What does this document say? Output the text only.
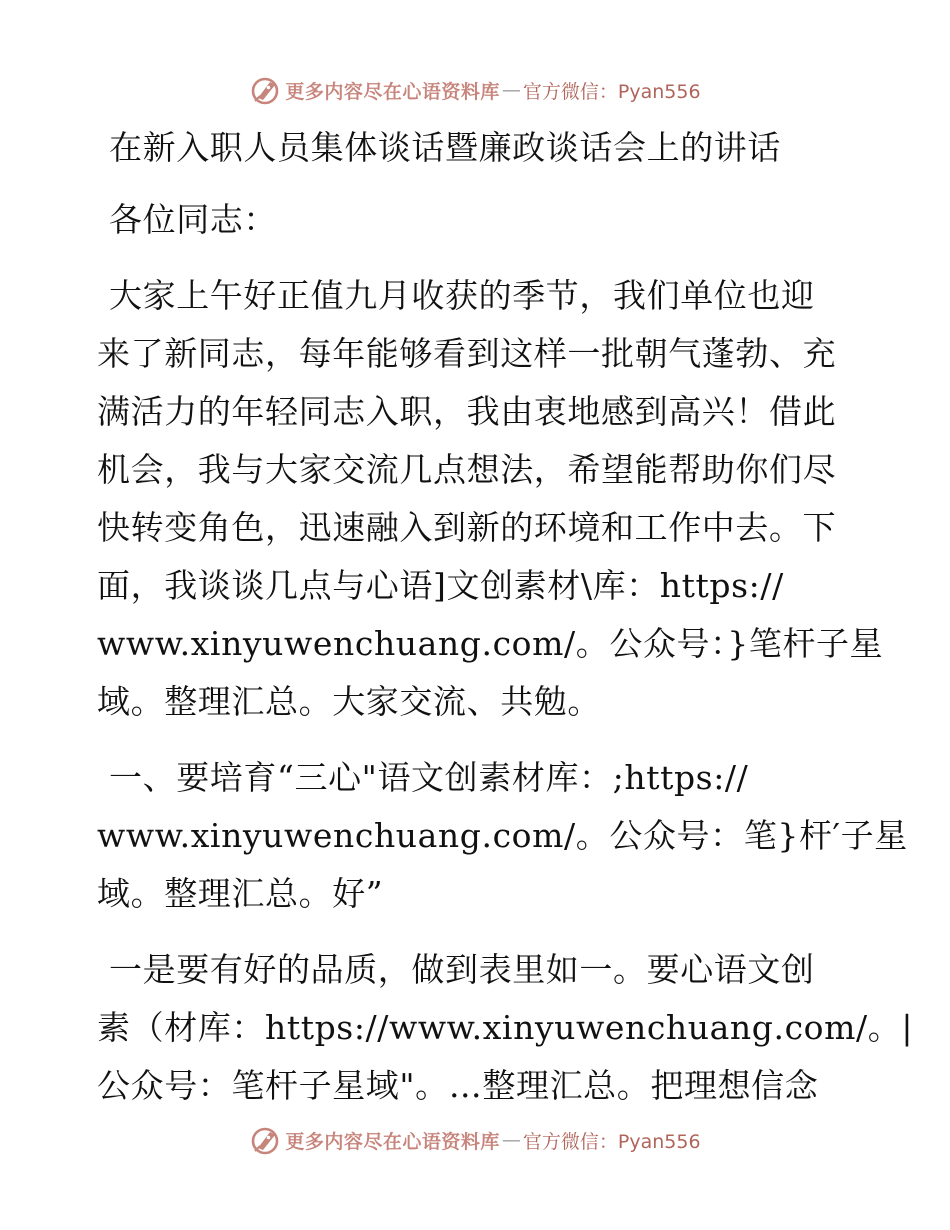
更多内容尽在心语资料库 — 官方微信：Pyan556
在新入职人员集体谈话暨廉政谈话会上的讲话
各位同志：
大家上午好正值九月收获的季节，我们单位也迎
来了新同志，每年能够看到这样一批朝气蓬勃、充
满活力的年轻同志入职，我由衷地感到高兴！借此
机会，我与大家交流几点想法，希望能帮助你们尽
快转变角色，迅速融入到新的环境和工作中去。下
面，我谈谈几点与心语]文创素材\库：https://
www.xinyuwenchuang.com/。公众号：}笔杆子星
域。整理汇总。大家交流、共勉。
一、要培育“三心"语文创素材库：;https://
www.xinyuwenchuang.com/。公众号：笔}杆′子星
域。整理汇总。好”
一是要有好的品质，做到表里如一。要心语文创
素（材库：https://www.xinyuwenchuang.com/。|
公众号：笔杆子星域"。…整理汇总。把理想信念
更多内容尽在心语资料库 — 官方微信：Pyan556
